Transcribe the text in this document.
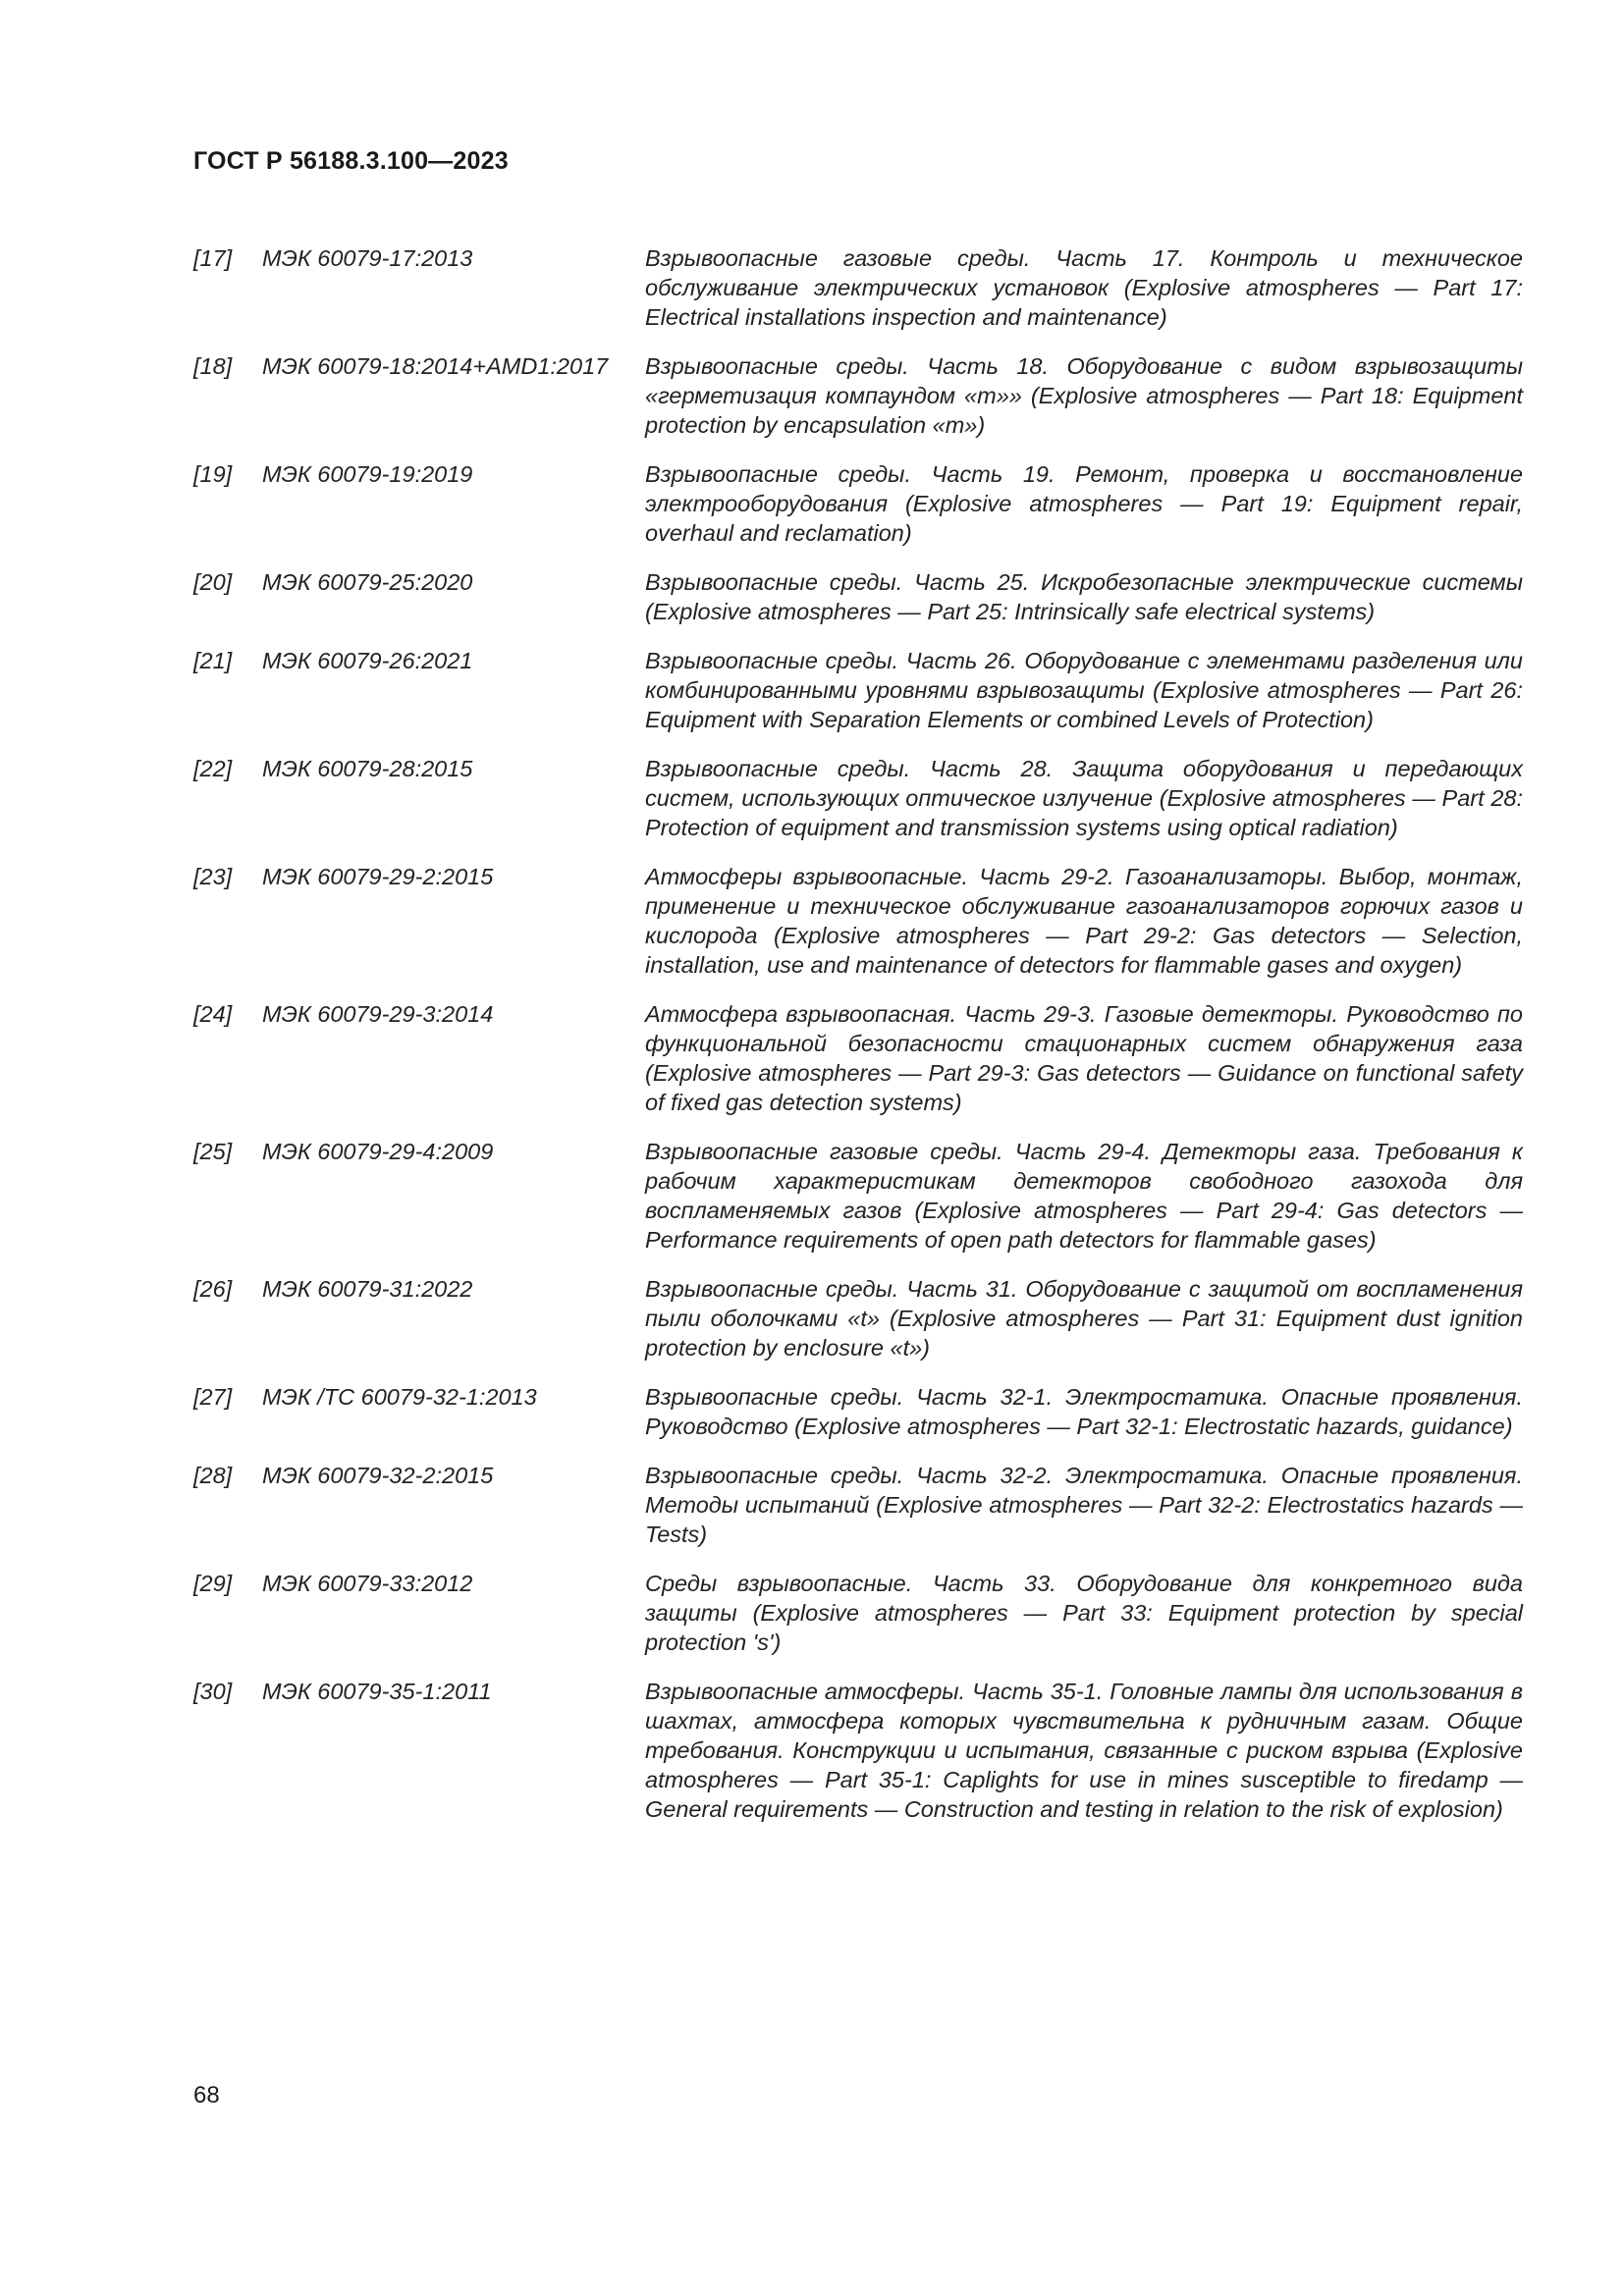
ГОСТ Р 56188.3.100—2023
[17]	МЭК 60079-17:2013	Взрывоопасные газовые среды. Часть 17. Контроль и техническое обслуживание электрических установок (Explosive atmospheres — Part 17: Electrical installations inspection and maintenance)
[18]	МЭК 60079-18:2014+AMD1:2017	Взрывоопасные среды. Часть 18. Оборудование с видом взрывозащиты «герметизация компаундом «m»» (Explosive atmospheres — Part 18: Equipment protection by encapsulation «m»)
[19]	МЭК 60079-19:2019	Взрывоопасные среды. Часть 19. Ремонт, проверка и восстановление электрооборудования (Explosive atmospheres — Part 19: Equipment repair, overhaul and reclamation)
[20]	МЭК 60079-25:2020	Взрывоопасные среды. Часть 25. Искробезопасные электрические системы (Explosive atmospheres — Part 25: Intrinsically safe electrical systems)
[21]	МЭК 60079-26:2021	Взрывоопасные среды. Часть 26. Оборудование с элементами разделения или комбинированными уровнями взрывозащиты (Explosive atmospheres — Part 26: Equipment with Separation Elements or combined Levels of Protection)
[22]	МЭК 60079-28:2015	Взрывоопасные среды. Часть 28. Защита оборудования и передающих систем, использующих оптическое излучение (Explosive atmospheres — Part 28: Protection of equipment and transmission systems using optical radiation)
[23]	МЭК 60079-29-2:2015	Атмосферы взрывоопасные. Часть 29-2. Газоанализаторы. Выбор, монтаж, применение и техническое обслуживание газоанализаторов горючих газов и кислорода (Explosive atmospheres — Part 29-2: Gas detectors — Selection, installation, use and maintenance of detectors for flammable gases and oxygen)
[24]	МЭК 60079-29-3:2014	Атмосфера взрывоопасная. Часть 29-3. Газовые детекторы. Руководство по функциональной безопасности стационарных систем обнаружения газа (Explosive atmospheres — Part 29-3: Gas detectors — Guidance on functional safety of fixed gas detection systems)
[25]	МЭК 60079-29-4:2009	Взрывоопасные газовые среды. Часть 29-4. Детекторы газа. Требования к рабочим характеристикам детекторов свободного газохода для воспламеняемых газов (Explosive atmospheres — Part 29-4: Gas detectors — Performance requirements of open path detectors for flammable gases)
[26]	МЭК 60079-31:2022	Взрывоопасные среды. Часть 31. Оборудование с защитой от воспламенения пыли оболочками «t» (Explosive atmospheres — Part 31: Equipment dust ignition protection by enclosure «t»)
[27]	МЭК /TC 60079-32-1:2013	Взрывоопасные среды. Часть 32-1. Электростатика. Опасные проявления. Руководство (Explosive atmospheres — Part 32-1: Electrostatic hazards, guidance)
[28]	МЭК 60079-32-2:2015	Взрывоопасные среды. Часть 32-2. Электростатика. Опасные проявления. Методы испытаний (Explosive atmospheres — Part 32-2: Electrostatics hazards — Tests)
[29]	МЭК 60079-33:2012	Среды взрывоопасные. Часть 33. Оборудование для конкретного вида защиты (Explosive atmospheres — Part 33: Equipment protection by special protection 's')
[30]	МЭК 60079-35-1:2011	Взрывоопасные атмосферы. Часть 35-1. Головные лампы для использования в шахтах, атмосфера которых чувствительна к рудничным газам. Общие требования. Конструкции и испытания, связанные с риском взрыва (Explosive atmospheres — Part 35-1: Caplights for use in mines susceptible to firedamp — General requirements — Construction and testing in relation to the risk of explosion)
68
